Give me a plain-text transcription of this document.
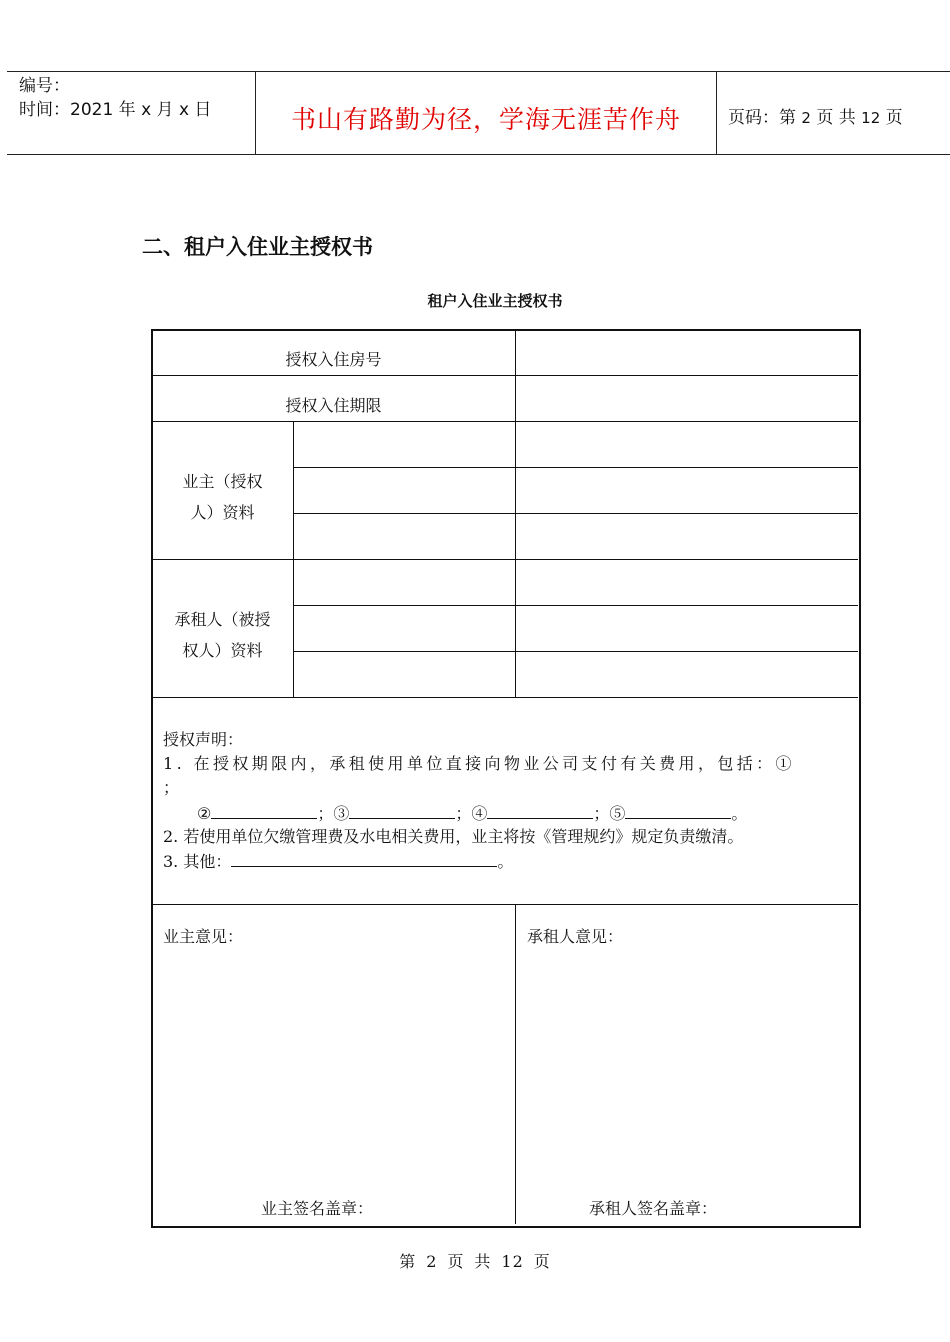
编号：
时间：2021 年 x 月 x 日	书山有路勤为径，学海无涯苦作舟	页码：第 2 页 共 12 页
二、租户入住业主授权书
租户入住业主授权书
授权入住房号
授权入住期限
业主（授权
人）资料
承租人（被授
权人）资料
授权声明：
1. 在授权期限内，承租使用单位直接向物业公司支付有关费用，包括：①
；
②	；③	；④	；⑤	。
2. 若使用单位欠缴管理费及水电相关费用，业主将按《管理规约》规定负责缴清。
3. 其他：	。
业主意见：	承租人意见：
业主签名盖章：	承租人签名盖章：
第 2 页 共 12 页
